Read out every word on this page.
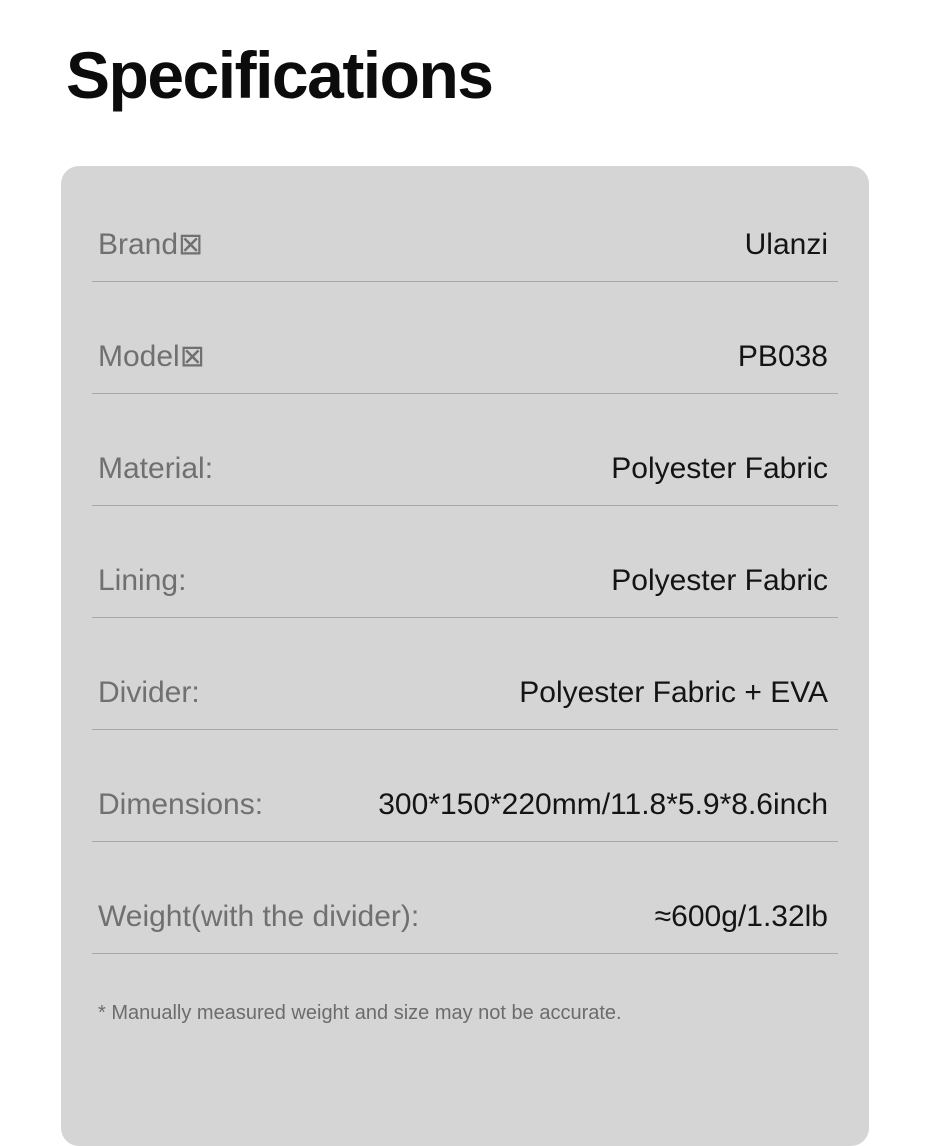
Specifications
Brand⊠	Ulanzi
Model⊠	PB038
Material:	Polyester Fabric
Lining:	Polyester Fabric
Divider:	Polyester Fabric + EVA
Dimensions:	300*150*220mm/11.8*5.9*8.6inch
Weight(with the divider):	≈600g/1.32lb
* Manually measured weight and size may not be accurate.
